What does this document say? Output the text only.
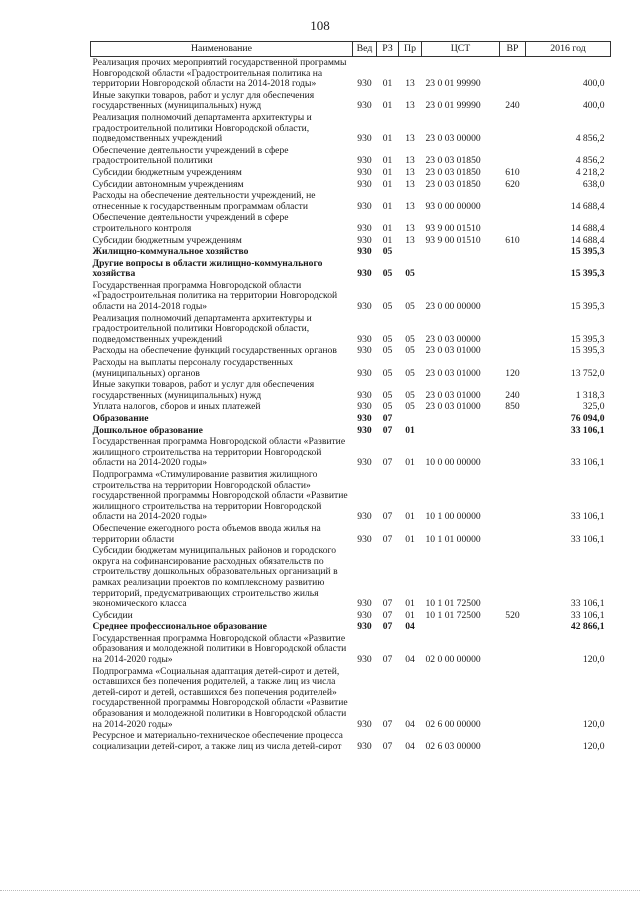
108
Наименование	Вед	РЗ	Пр	ЦСТ	ВР	2016 год
Реализация прочих мероприятий государственной программы Новгородской области «Градостроительная политика на территории Новгородской области на 2014-2018 годы»	930	01	13	23 0 01 99990		400,0
Иные закупки товаров, работ и услуг для обеспечения государственных (муниципальных) нужд	930	01	13	23 0 01 99990	240	400,0
Реализация полномочий департамента архитектуры и градостроительной политики Новгородской области, подведомственных учреждений	930	01	13	23 0 03 00000		4 856,2
Обеспечение деятельности учреждений в сфере градостроительной политики	930	01	13	23 0 03 01850		4 856,2
Субсидии бюджетным учреждениям	930	01	13	23 0 03 01850	610	4 218,2
Субсидии автономным учреждениям	930	01	13	23 0 03 01850	620	638,0
Расходы на обеспечение деятельности учреждений, не отнесенные к государственным программам области	930	01	13	93 0 00 00000		14 688,4
Обеспечение деятельности учреждений в сфере строительного контроля	930	01	13	93 9 00 01510		14 688,4
Субсидии бюджетным учреждениям	930	01	13	93 9 00 01510	610	14 688,4
Жилищно-коммунальное хозяйство	930	05				15 395,3
Другие вопросы в области жилищно-коммунального хозяйства	930	05	05			15 395,3
Государственная программа Новгородской области «Градостроительная политика на территории Новгородской области на 2014-2018 годы»	930	05	05	23 0 00 00000		15 395,3
Реализация полномочий департамента архитектуры и градостроительной политики Новгородской области, подведомственных учреждений	930	05	05	23 0 03 00000		15 395,3
Расходы на обеспечение функций государственных органов	930	05	05	23 0 03 01000		15 395,3
Расходы на выплаты персоналу государственных (муниципальных) органов	930	05	05	23 0 03 01000	120	13 752,0
Иные закупки товаров, работ и услуг для обеспечения государственных (муниципальных) нужд	930	05	05	23 0 03 01000	240	1 318,3
Уплата налогов, сборов и иных платежей	930	05	05	23 0 03 01000	850	325,0
Образование	930	07				76 094,0
Дошкольное образование	930	07	01			33 106,1
Государственная программа Новгородской области «Развитие жилищного строительства на территории Новгородской области на 2014-2020 годы»	930	07	01	10 0 00 00000		33 106,1
Подпрограмма «Стимулирование развития жилищного строительства на территории Новгородской области» государственной программы Новгородской области «Развитие жилищного строительства на территории Новгородской области на 2014-2020 годы»	930	07	01	10 1 00 00000		33 106,1
Обеспечение ежегодного роста объемов ввода жилья на территории области	930	07	01	10 1 01 00000		33 106,1
Субсидии бюджетам муниципальных районов и городского округа на софинансирование расходных обязательств по строительству дошкольных образовательных организаций в рамках реализации проектов по комплексному развитию территорий, предусматривающих строительство жилья экономического класса	930	07	01	10 1 01 72500		33 106,1
Субсидии	930	07	01	10 1 01 72500	520	33 106,1
Среднее профессиональное образование	930	07	04			42 866,1
Государственная программа Новгородской области «Развитие образования и молодежной политики в Новгородской области на 2014-2020 годы»	930	07	04	02 0 00 00000		120,0
Подпрограмма «Социальная адаптация детей-сирот и детей, оставшихся без попечения родителей, а также лиц из числа детей-сирот и детей, оставшихся без попечения родителей» государственной программы Новгородской области «Развитие образования и молодежной политики в Новгородской области на 2014-2020 годы»	930	07	04	02 6 00 00000		120,0
Ресурсное и материально-техническое обеспечение процесса социализации детей-сирот, а также лиц из числа детей-сирот	930	07	04	02 6 03 00000		120,0
